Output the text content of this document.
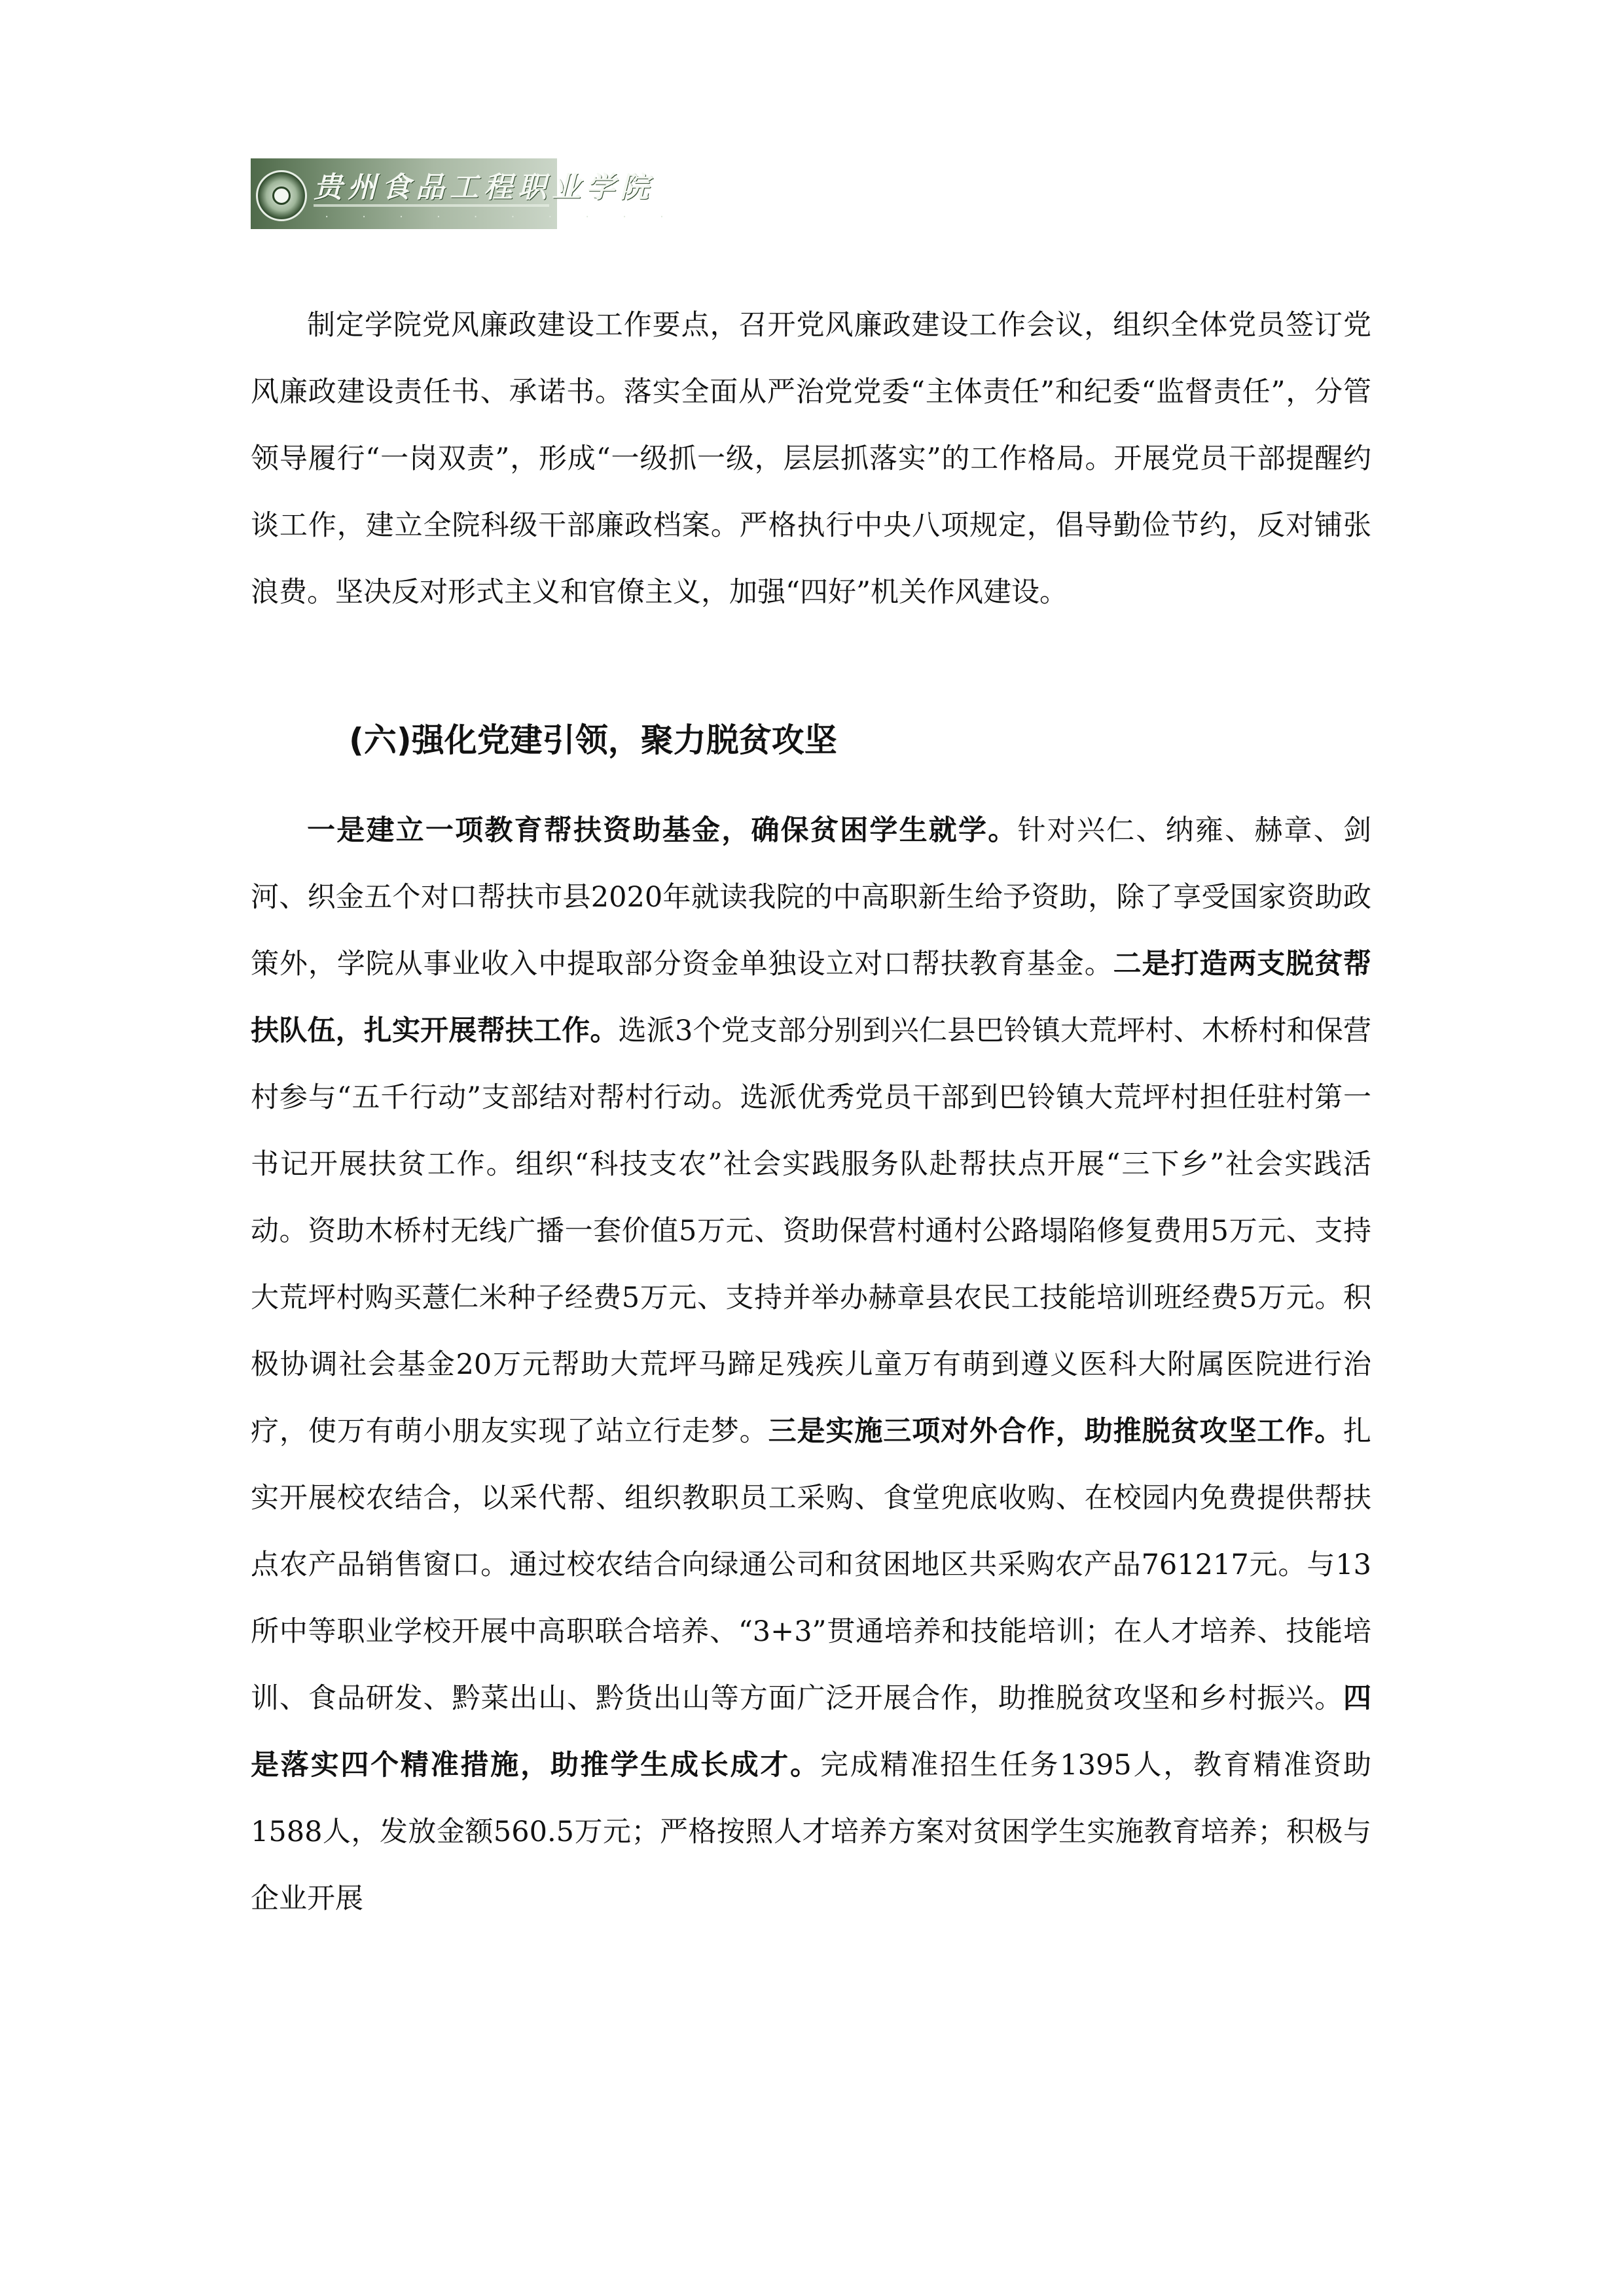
贵州食品工程职业学院
· · · · · · · · · ·

制定学院党风廉政建设工作要点，召开党风廉政建设工作会议，组织全体党员签订党风廉政建设责任书、承诺书。落实全面从严治党党委“主体责任”和纪委“监督责任”，分管领导履行“一岗双责”，形成“一级抓一级，层层抓落实”的工作格局。开展党员干部提醒约谈工作，建立全院科级干部廉政档案。严格执行中央八项规定，倡导勤俭节约，反对铺张浪费。坚决反对形式主义和官僚主义，加强“四好”机关作风建设。

(六)强化党建引领，聚力脱贫攻坚

一是建立一项教育帮扶资助基金，确保贫困学生就学。针对兴仁、纳雍、赫章、剑河、织金五个对口帮扶市县2020年就读我院的中高职新生给予资助，除了享受国家资助政策外，学院从事业收入中提取部分资金单独设立对口帮扶教育基金。二是打造两支脱贫帮扶队伍，扎实开展帮扶工作。选派3个党支部分别到兴仁县巴铃镇大荒坪村、木桥村和保营村参与“五千行动”支部结对帮村行动。选派优秀党员干部到巴铃镇大荒坪村担任驻村第一书记开展扶贫工作。组织“科技支农”社会实践服务队赴帮扶点开展“三下乡”社会实践活动。资助木桥村无线广播一套价值5万元、资助保营村通村公路塌陷修复费用5万元、支持大荒坪村购买薏仁米种子经费5万元、支持并举办赫章县农民工技能培训班经费5万元。积极协调社会基金20万元帮助大荒坪马蹄足残疾儿童万有萌到遵义医科大附属医院进行治疗，使万有萌小朋友实现了站立行走梦。三是实施三项对外合作，助推脱贫攻坚工作。扎实开展校农结合，以采代帮、组织教职员工采购、食堂兜底收购、在校园内免费提供帮扶点农产品销售窗口。通过校农结合向绿通公司和贫困地区共采购农产品761217元。与13所中等职业学校开展中高职联合培养、“3+3”贯通培养和技能培训；在人才培养、技能培训、食品研发、黔菜出山、黔货出山等方面广泛开展合作，助推脱贫攻坚和乡村振兴。四是落实四个精准措施，助推学生成长成才。完成精准招生任务1395人，教育精准资助1588人，发放金额560.5万元；严格按照人才培养方案对贫困学生实施教育培养；积极与企业开展
